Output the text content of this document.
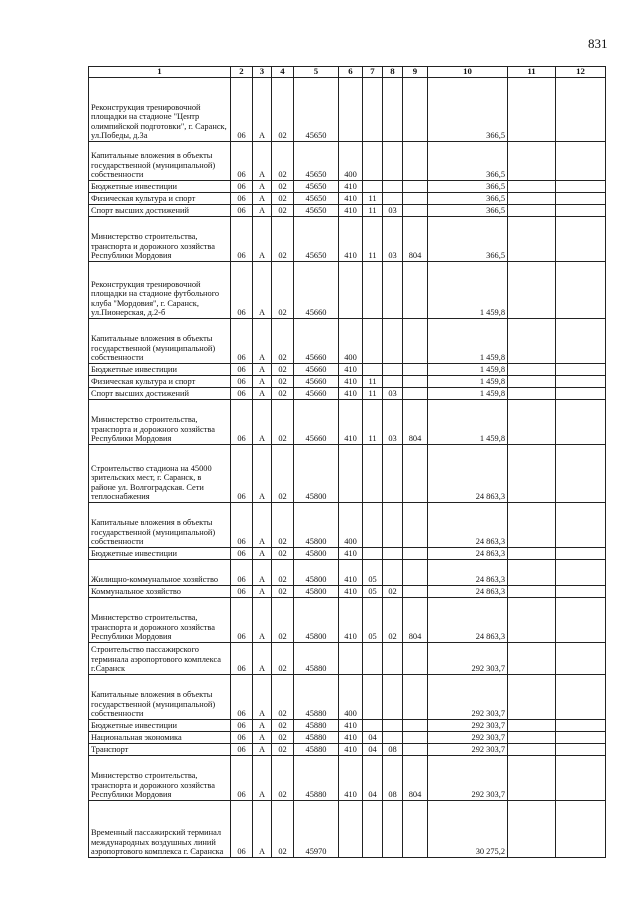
831
1	2	3	4	5	6	7	8	9	10	11	12
Реконструкция тренировочной площадки на стадионе "Центр олимпийской подготовки", г. Саранск, ул.Победы, д.3а	06	А	02	45650					366,5		
Капитальные вложения в объекты государственной (муниципальной) собственности	06	А	02	45650	400				366,5		
Бюджетные инвестиции	06	А	02	45650	410				366,5		
Физическая культура и спорт	06	А	02	45650	410	11			366,5		
Спорт высших достижений	06	А	02	45650	410	11	03		366,5		
Министерство строительства, транспорта и дорожного хозяйства Республики Мордовия	06	А	02	45650	410	11	03	804	366,5		
Реконструкция тренировочной площадки на стадионе футбольного клуба "Мордовия", г. Саранск, ул.Пионерская, д.2-б	06	А	02	45660					1 459,8		
Капитальные вложения в объекты государственной (муниципальной) собственности	06	А	02	45660	400				1 459,8		
Бюджетные инвестиции	06	А	02	45660	410				1 459,8		
Физическая культура и спорт	06	А	02	45660	410	11			1 459,8		
Спорт высших достижений	06	А	02	45660	410	11	03		1 459,8		
Министерство строительства, транспорта и дорожного хозяйства Республики Мордовия	06	А	02	45660	410	11	03	804	1 459,8		
Строительство стадиона на 45000 зрительских мест, г. Саранск, в районе ул. Волгоградская. Сети теплоснабжения	06	А	02	45800					24 863,3		
Капитальные вложения в объекты государственной (муниципальной) собственности	06	А	02	45800	400				24 863,3		
Бюджетные инвестиции	06	А	02	45800	410				24 863,3		
Жилищно-коммунальное хозяйство	06	А	02	45800	410	05			24 863,3		
Коммунальное хозяйство	06	А	02	45800	410	05	02		24 863,3		
Министерство строительства, транспорта и дорожного хозяйства Республики Мордовия	06	А	02	45800	410	05	02	804	24 863,3		
Строительство пассажирского терминала аэропортового комплекса г.Саранск	06	А	02	45880					292 303,7		
Капитальные вложения в объекты государственной (муниципальной) собственности	06	А	02	45880	400				292 303,7		
Бюджетные инвестиции	06	А	02	45880	410				292 303,7		
Национальная экономика	06	А	02	45880	410	04			292 303,7		
Транспорт	06	А	02	45880	410	04	08		292 303,7		
Министерство строительства, транспорта и дорожного хозяйства Республики Мордовия	06	А	02	45880	410	04	08	804	292 303,7		
Временный пассажирский терминал международных воздушных линий аэропортового комплекса г. Саранска	06	А	02	45970					30 275,2		
